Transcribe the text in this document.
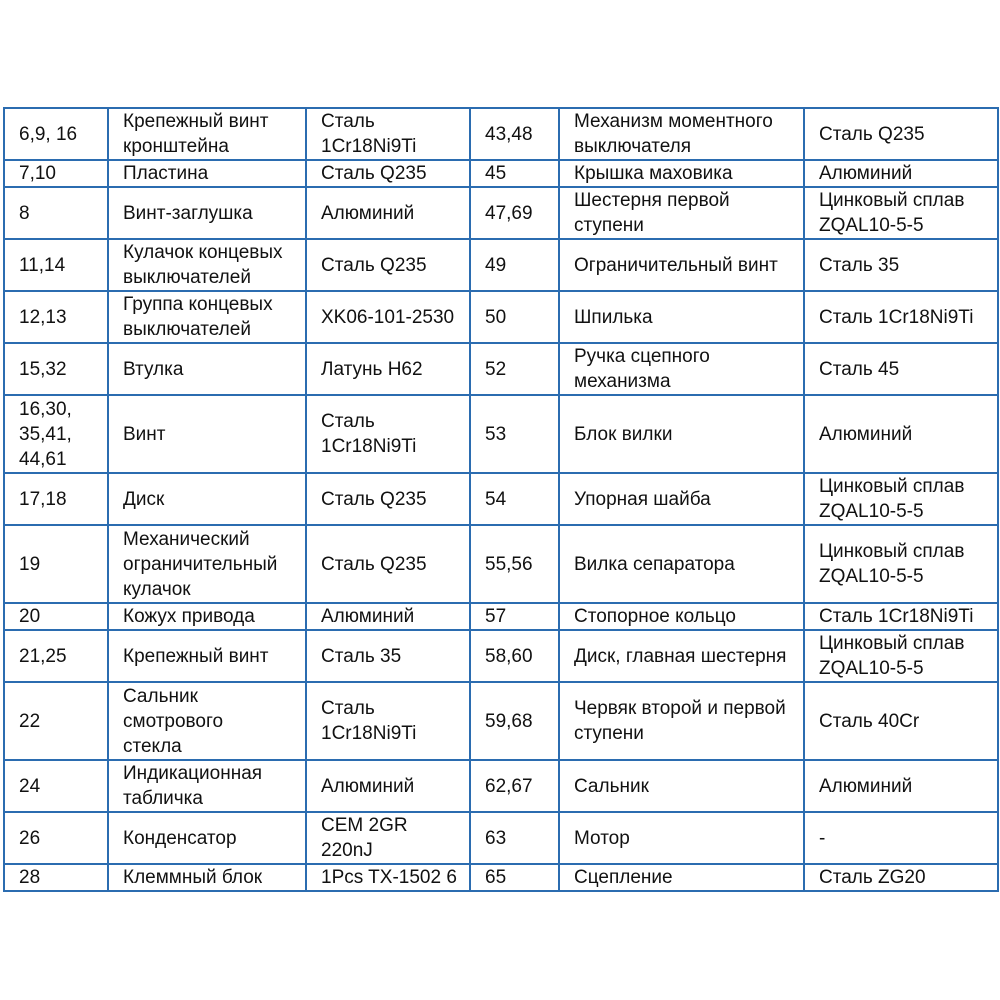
6,9, 16	Крепежный винт кронштейна	Сталь 1Cr18Ni9Ti	43,48	Механизм моментного выключателя	Сталь Q235
7,10	Пластина	Сталь Q235	45	Крышка маховика	Алюминий
8	Винт-заглушка	Алюминий	47,69	Шестерня первой ступени	Цинковый сплав ZQAL10-5-5
11,14	Кулачок концевых выключателей	Сталь Q235	49	Ограничительный винт	Сталь 35
12,13	Группа концевых выключателей	XK06-101-2530	50	Шпилька	Сталь 1Cr18Ni9Ti
15,32	Втулка	Латунь H62	52	Ручка сцепного механизма	Сталь 45
16,30, 35,41, 44,61	Винт	Сталь 1Cr18Ni9Ti	53	Блок вилки	Алюминий
17,18	Диск	Сталь Q235	54	Упорная шайба	Цинковый сплав ZQAL10-5-5
19	Механический ограничительный кулачок	Сталь Q235	55,56	Вилка сепаратора	Цинковый сплав ZQAL10-5-5
20	Кожух привода	Алюминий	57	Стопорное кольцо	Сталь 1Cr18Ni9Ti
21,25	Крепежный винт	Сталь 35	58,60	Диск, главная шестерня	Цинковый сплав ZQAL10-5-5
22	Сальник смотрового стекла	Сталь 1Cr18Ni9Ti	59,68	Червяк второй и первой ступени	Сталь 40Cr
24	Индикационная табличка	Алюминий	62,67	Сальник	Алюминий
26	Конденсатор	CEM 2GR 220nJ	63	Мотор	-
28	Клеммный блок	1Pcs TX-1502 6	65	Сцепление	Сталь ZG20
